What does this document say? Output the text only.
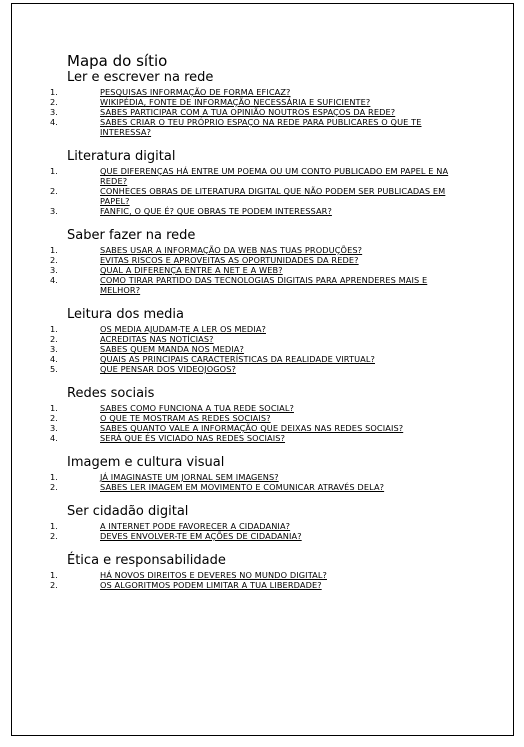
Mapa do sítio
Ler e escrever na rede
1.	PESQUISAS INFORMAÇÃO DE FORMA EFICAZ?
2.	WIKIPÉDIA, FONTE DE INFORMAÇÃO NECESSÁRIA E SUFICIENTE?
3.	SABES PARTICIPAR COM A TUA OPINIÃO NOUTROS ESPAÇOS DA REDE?
4.	SABES CRIAR O TEU PRÓPRIO ESPAÇO NA REDE PARA PUBLICARES O QUE TE INTERESSA?
Literatura digital
1.	QUE DIFERENÇAS HÁ ENTRE UM POEMA OU UM CONTO PUBLICADO EM PAPEL E NA REDE?
2.	CONHECES OBRAS DE LITERATURA DIGITAL QUE NÃO PODEM SER PUBLICADAS EM PAPEL?
3.	FANFIC, O QUE É? QUE OBRAS TE PODEM INTERESSAR?
Saber fazer na rede
1.	SABES USAR A INFORMAÇÃO DA WEB NAS TUAS PRODUÇÕES?
2.	EVITAS RISCOS E APROVEITAS AS OPORTUNIDADES DA REDE?
3.	QUAL A DIFERENÇA ENTRE A NET E A WEB?
4.	COMO TIRAR PARTIDO DAS TECNOLOGIAS DIGITAIS PARA APRENDERES MAIS E MELHOR?
Leitura dos media
1.	OS MEDIA AJUDAM-TE A LER OS MEDIA?
2.	ACREDITAS NAS NOTÍCIAS?
3.	SABES QUEM MANDA NOS MEDIA?
4.	QUAIS AS PRINCIPAIS CARACTERÍSTICAS DA REALIDADE VIRTUAL?
5.	QUE PENSAR DOS VIDEOJOGOS?
Redes sociais
1.	SABES COMO FUNCIONA A TUA REDE SOCIAL?
2.	O QUE TE MOSTRAM AS REDES SOCIAIS?
3.	SABES QUANTO VALE A INFORMAÇÃO QUE DEIXAS NAS REDES SOCIAIS?
4.	SERÁ QUE ÉS VICIADO NAS REDES SOCIAIS?
Imagem e cultura visual
1.	JÁ IMAGINASTE UM JORNAL SEM IMAGENS?
2.	SABES LER IMAGEM EM MOVIMENTO E COMUNICAR ATRAVÉS DELA?
Ser cidadão digital
1.	A INTERNET PODE FAVORECER A CIDADANIA?
2.	DEVES ENVOLVER-TE EM AÇÕES DE CIDADANIA?
Ética e responsabilidade
1.	HÁ NOVOS DIREITOS E DEVERES NO MUNDO DIGITAL?
2.	OS ALGORITMOS PODEM LIMITAR A TUA LIBERDADE?
